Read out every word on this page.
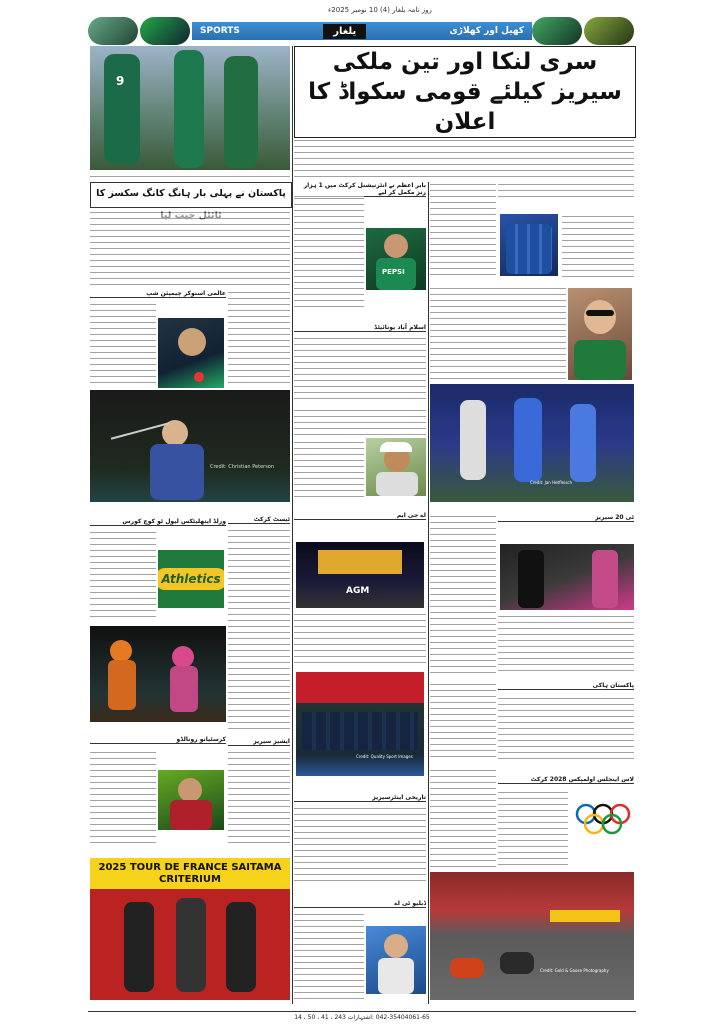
روز نامہ یلغار (4) 10 نومبر 2025ء
SPORTS	یلغار	کھیل اور کھلاڑی
9
سری لنکا اور تین ملکی سیریز کیلئے قومی سکواڈ کا اعلان
پاکستان نے پہلی بار ہانگ کانگ سکسز کا
عالمی اسنوکر چیمپئن شپ
Credit: Christian Peterson
ورلڈ ایتھلیٹکس لیول ٹو کوچ کورس
Athletics
ٹیسٹ کرکٹ
کرسٹیانو رونالڈو	ایشیز سیریز
2025 TOUR DE FRANCE SAITAMA CRITERIUM
بابر اعظم نے انٹرنیشنل کرکٹ میں 1 ہزار رنز مکمل کر لیے
PEPSI
اسلام آباد یونائیٹڈ
اے جی ایم
AGM
Credit: Quality Sport Images
تاریخی اینٹرسیریز
ڈبلیو ٹی اے
Credit: Jan Hetfleisch
ٹی 20 سیریز
پاکستان ہاکی
لاس اینجلس اولمپکس 2028 کرکٹ
Credit: Gold & Goose Photography
042-35404061-65 :اشتہارات 243 ، 41 ، 50 ، 14
